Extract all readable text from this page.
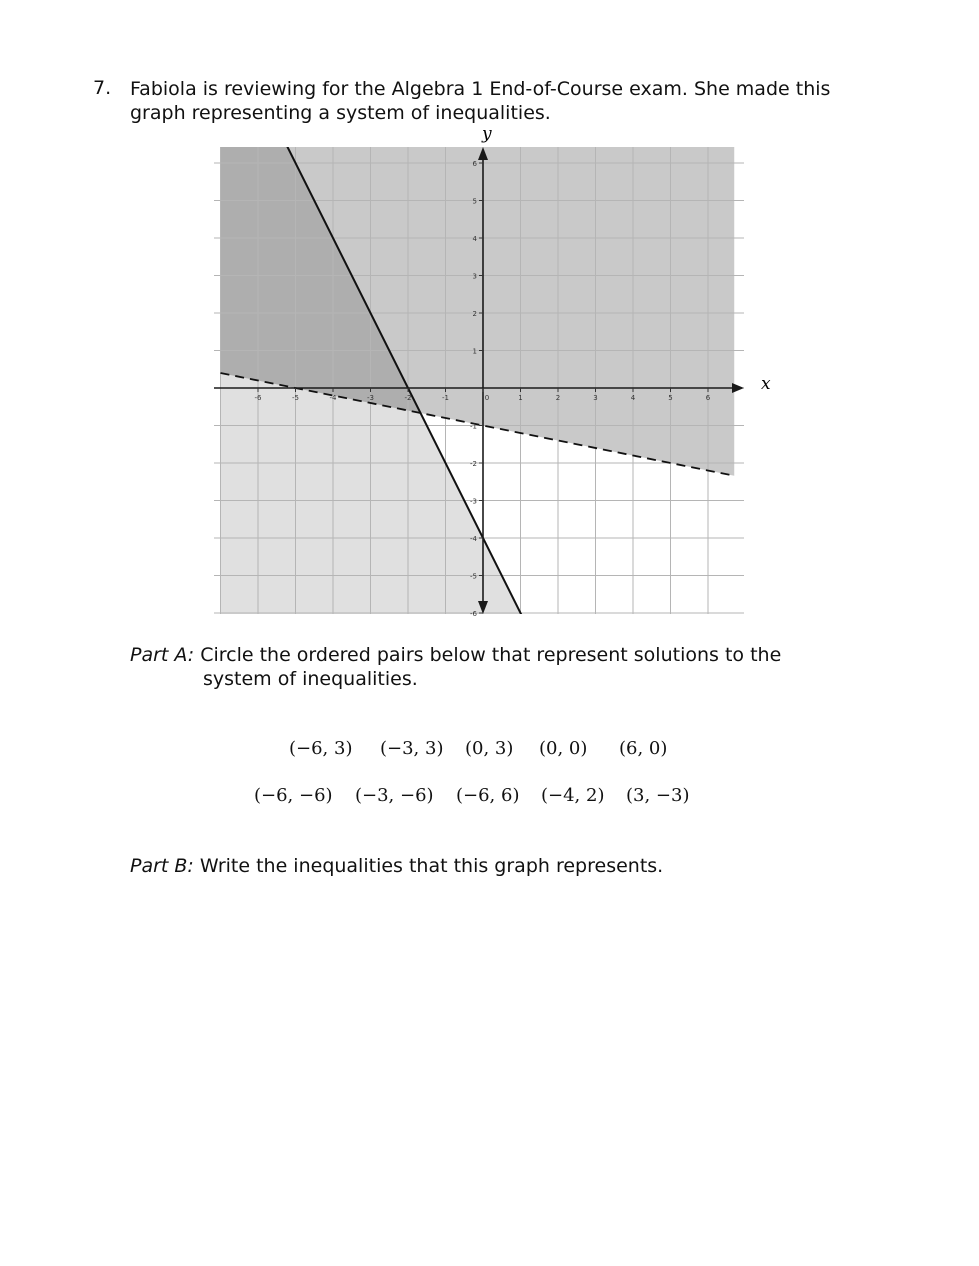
7. Fabiola is reviewing for the Algebra 1 End-of-Course exam. She made this
graph representing a system of inequalities.
-6	-5	-4	-3	-2	-1	0	1	2	3	4	5	6
-6
-5
-4
-3
-2
-1
1
2
3
4
5
6
x
y
Part A: Circle the ordered pairs below that represent solutions to the
system of inequalities.
(−6, 3) (−3, 3) (0, 3) (0, 0) (6, 0)
(−6, −6) (−3, −6) (−6, 6) (−4, 2) (3, −3)
Part B: Write the inequalities that this graph represents.
